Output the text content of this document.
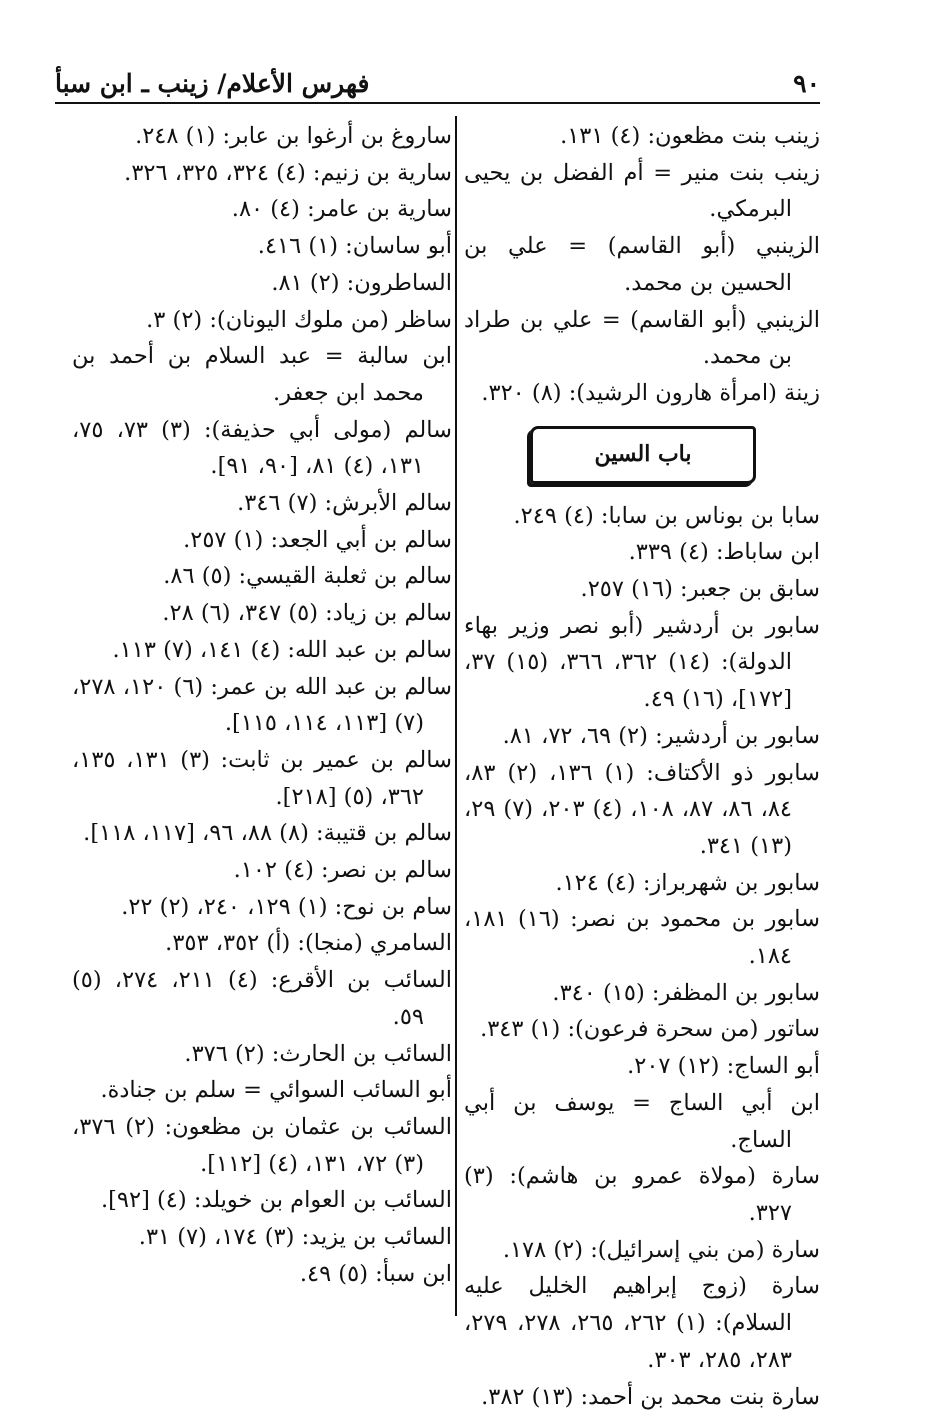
٩٠
فهرس الأعلام/ زينب ـ ابن سبأ

زينب بنت مظعون: (٤) ١٣١.

زينب بنت منير = أم الفضل بن يحيى البرمكي.

الزينبي (أبو القاسم) = علي بن الحسين بن محمد.

الزينبي (أبو القاسم) = علي بن طراد بن محمد.

زينة (امرأة هارون الرشيد): (٨) ٣٢٠.

باب السين

سابا بن بوناس بن سابا: (٤) ٢٤٩.

ابن ساباط: (٤) ٣٣٩.

سابق بن جعبر: (١٦) ٢٥٧.

سابور بن أردشير (أبو نصر وزير بهاء الدولة): (١٤) ٣٦٢، ٣٦٦، (١٥) ٣٧، [١٧٢]، (١٦) ٤٩.

سابور بن أردشير: (٢) ٦٩، ٧٢، ٨١.

سابور ذو الأكتاف: (١) ١٣٦، (٢) ٨٣، ٨٤، ٨٦، ٨٧، ١٠٨، (٤) ٢٠٣، (٧) ٢٩، (١٣) ٣٤١.

سابور بن شهربراز: (٤) ١٢٤.

سابور بن محمود بن نصر: (١٦) ١٨١، ١٨٤.

سابور بن المظفر: (١٥) ٣٤٠.

ساتور (من سحرة فرعون): (١) ٣٤٣.

أبو الساج: (١٢) ٢٠٧.

ابن أبي الساج = يوسف بن أبي الساج.

سارة (مولاة عمرو بن هاشم): (٣) ٣٢٧.

سارة (من بني إسرائيل): (٢) ١٧٨.

سارة (زوج إبراهيم الخليل عليه السلام): (١) ٢٦٢، ٢٦٥، ٢٧٨، ٢٧٩، ٢٨٣، ٢٨٥، ٣٠٣.

سارة بنت محمد بن أحمد: (١٣) ٣٨٢.

ساروغ بن أرغوا بن عابر: (١) ٢٤٨.

سارية بن زنيم: (٤) ٣٢٤، ٣٢٥، ٣٢٦.

سارية بن عامر: (٤) ٨٠.

أبو ساسان: (١) ٤١٦.

الساطرون: (٢) ٨١.

ساظر (من ملوك اليونان): (٢) ٣.

ابن سالبة = عبد السلام بن أحمد بن محمد ابن جعفر.

سالم (مولى أبي حذيفة): (٣) ٧٣، ٧٥، ١٣١، (٤) ٨١، [٩٠، ٩١].

سالم الأبرش: (٧) ٣٤٦.

سالم بن أبي الجعد: (١) ٢٥٧.

سالم بن ثعلبة القيسي: (٥) ٨٦.

سالم بن زياد: (٥) ٣٤٧، (٦) ٢٨.

سالم بن عبد الله: (٤) ١٤١، (٧) ١١٣.

سالم بن عبد الله بن عمر: (٦) ١٢٠، ٢٧٨، (٧) [١١٣، ١١٤، ١١٥].

سالم بن عمير بن ثابت: (٣) ١٣١، ١٣٥، ٣٦٢، (٥) [٢١٨].

سالم بن قتيبة: (٨) ٨٨، ٩٦، [١١٧، ١١٨].

سالم بن نصر: (٤) ١٠٢.

سام بن نوح: (١) ١٢٩، ٢٤٠، (٢) ٢٢.

السامري (منجا): (أ) ٣٥٢، ٣٥٣.

السائب بن الأقرع: (٤) ٢١١، ٢٧٤، (٥) ٥٩.

السائب بن الحارث: (٢) ٣٧٦.

أبو السائب السوائي = سلم بن جنادة.

السائب بن عثمان بن مظعون: (٢) ٣٧٦، (٣) ٧٢، ١٣١، (٤) [١١٢].

السائب بن العوام بن خويلد: (٤) [٩٢].

السائب بن يزيد: (٣) ١٧٤، (٧) ٣١.

ابن سبأ: (٥) ٤٩.
